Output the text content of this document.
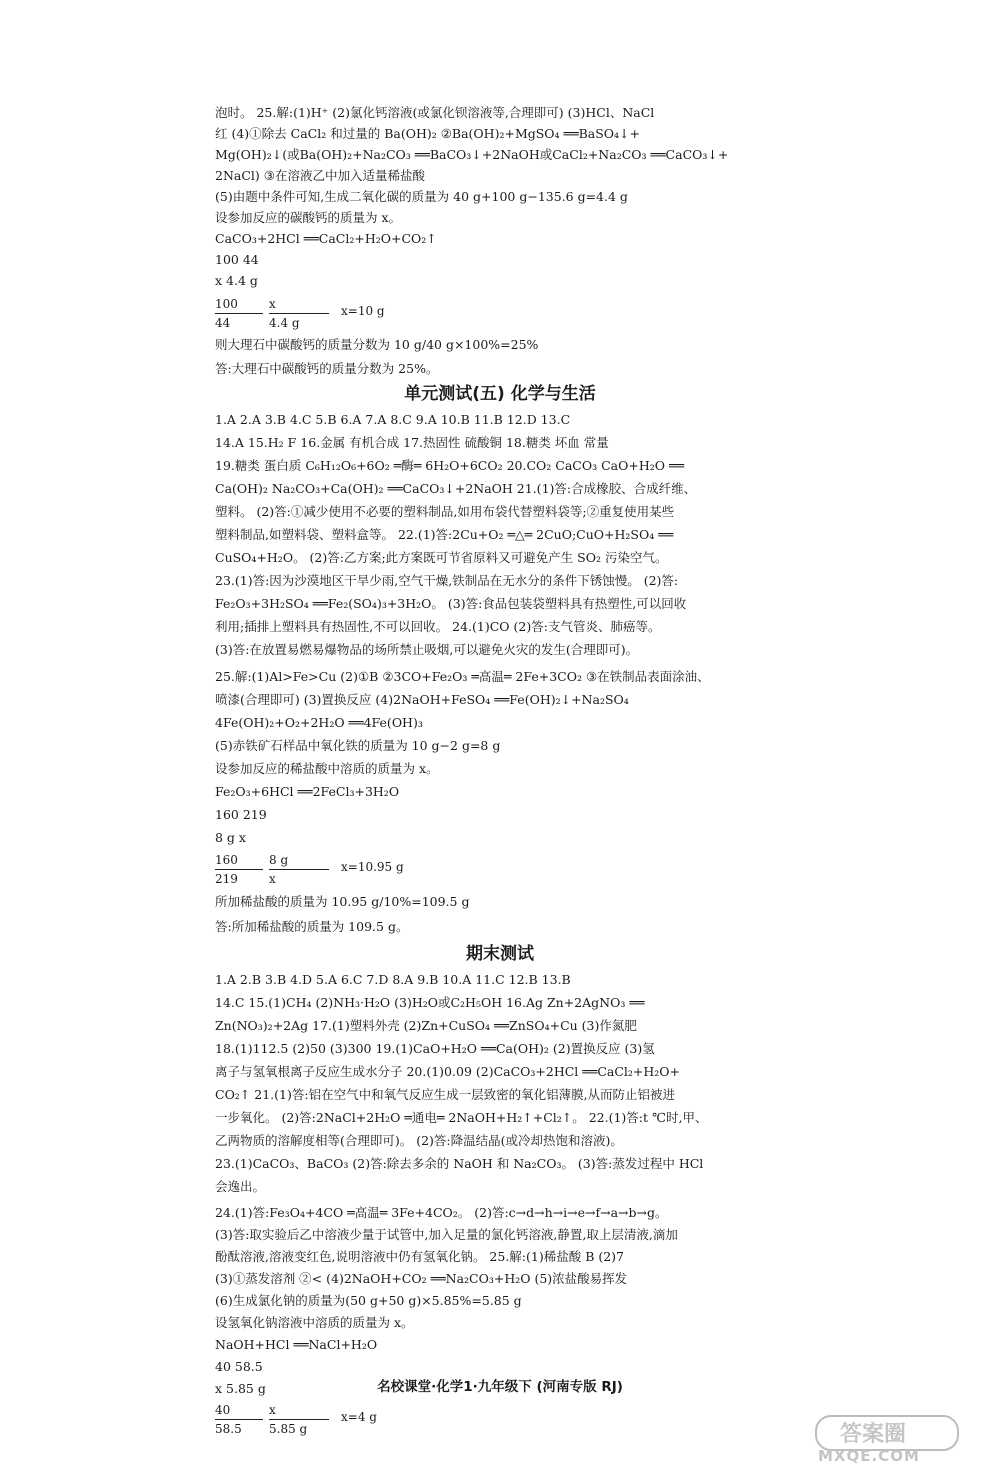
泡时。 25.解:(1)H⁺ (2)氯化钙溶液(或氯化钡溶液等,合理即可) (3)HCl、NaCl
红 (4)①除去 CaCl₂ 和过量的 Ba(OH)₂ ②Ba(OH)₂+MgSO₄ ══BaSO₄↓+
Mg(OH)₂↓(或Ba(OH)₂+Na₂CO₃ ══BaCO₃↓+2NaOH或CaCl₂+Na₂CO₃ ══CaCO₃↓+
2NaCl) ③在溶液乙中加入适量稀盐酸
(5)由题中条件可知,生成二氧化碳的质量为 40 g+100 g−135.6 g=4.4 g
设参加反应的碳酸钙的质量为 x。
CaCO₃+2HCl ══CaCl₂+H₂O+CO₂↑
100 44
x 4.4 g
$\frac{100}{44} \frac{x}{4.4 g} x=10$ g
则大理石中碳酸钙的质量分数为 10 g/40 g×100%=25%
答:大理石中碳酸钙的质量分数为 25%。
单元测试(五) 化学与生活
1.A 2.A 3.B 4.C 5.B 6.A 7.A 8.C 9.A 10.B 11.B 12.D 13.C
14.A 15.H₂ F 16.金属 有机合成 17.热固性 硫酸铜 18.糖类 坏血 常量
19.糖类 蛋白质 C₆H₁₂O₆+6O₂ ═酶═ 6H₂O+6CO₂ 20.CO₂ CaCO₃ CaO+H₂O ══
Ca(OH)₂ Na₂CO₃+Ca(OH)₂ ══CaCO₃↓+2NaOH 21.(1)答:合成橡胶、合成纤维、
塑料。 (2)答:①减少使用不必要的塑料制品,如用布袋代替塑料袋等;②重复使用某些
塑料制品,如塑料袋、塑料盒等。 22.(1)答:2Cu+O₂ ═△═ 2CuO;CuO+H₂SO₄ ══
CuSO₄+H₂O。 (2)答:乙方案;此方案既可节省原料又可避免产生 SO₂ 污染空气。
23.(1)答:因为沙漠地区干旱少雨,空气干燥,铁制品在无水分的条件下锈蚀慢。 (2)答:
Fe₂O₃+3H₂SO₄ ══Fe₂(SO₄)₃+3H₂O。 (3)答:食品包装袋塑料具有热塑性,可以回收
利用;插排上塑料具有热固性,不可以回收。 24.(1)CO (2)答:支气管炎、肺癌等。
(3)答:在放置易燃易爆物品的场所禁止吸烟,可以避免火灾的发生(合理即可)。
25.解:(1)Al>Fe>Cu (2)①B ②3CO+Fe₂O₃ ═高温═ 2Fe+3CO₂ ③在铁制品表面涂油、
喷漆(合理即可) (3)置换反应 (4)2NaOH+FeSO₄ ══Fe(OH)₂↓+Na₂SO₄
4Fe(OH)₂+O₂+2H₂O ══4Fe(OH)₃
(5)赤铁矿石样品中氧化铁的质量为 10 g−2 g=8 g
设参加反应的稀盐酸中溶质的质量为 x。
Fe₂O₃+6HCl ══2FeCl₃+3H₂O
160 219
8 g x
$\frac{160}{219} \frac{8 g}{x} x=10.95$ g
所加稀盐酸的质量为 10.95 g/10%=109.5 g
答:所加稀盐酸的质量为 109.5 g。
期末测试
1.A 2.B 3.B 4.D 5.A 6.C 7.D 8.A 9.B 10.A 11.C 12.B 13.B
14.C 15.(1)CH₄ (2)NH₃·H₂O (3)H₂O或C₂H₅OH 16.Ag Zn+2AgNO₃ ══
Zn(NO₃)₂+2Ag 17.(1)塑料外壳 (2)Zn+CuSO₄ ══ZnSO₄+Cu (3)作氮肥
18.(1)112.5 (2)50 (3)300 19.(1)CaO+H₂O ══Ca(OH)₂ (2)置换反应 (3)氢
离子与氢氧根离子反应生成水分子 20.(1)0.09 (2)CaCO₃+2HCl ══CaCl₂+H₂O+
CO₂↑ 21.(1)答:铝在空气中和氧气反应生成一层致密的氧化铝薄膜,从而防止铝被进
一步氧化。 (2)答:2NaCl+2H₂O ═通电═ 2NaOH+H₂↑+Cl₂↑。 22.(1)答:t ℃时,甲、
乙两物质的溶解度相等(合理即可)。 (2)答:降温结晶(或冷却热饱和溶液)。
23.(1)CaCO₃、BaCO₃ (2)答:除去多余的 NaOH 和 Na₂CO₃。 (3)答:蒸发过程中 HCl
会逸出。
24.(1)答:Fe₃O₄+4CO ═高温═ 3Fe+4CO₂。 (2)答:c→d→h→i→e→f→a→b→g。
(3)答:取实验后乙中溶液少量于试管中,加入足量的氯化钙溶液,静置,取上层清液,滴加
酚酞溶液,溶液变红色,说明溶液中仍有氢氧化钠。 25.解:(1)稀盐酸 B (2)7
(3)①蒸发溶剂 ②< (4)2NaOH+CO₂ ══Na₂CO₃+H₂O (5)浓盐酸易挥发
(6)生成氯化钠的质量为(50 g+50 g)×5.85%=5.85 g
设氢氧化钠溶液中溶质的质量为 x。
NaOH+HCl ══NaCl+H₂O
40 58.5
x 5.85 g
$\frac{40}{58.5} \frac{x}{5.85 g} x=4$ g
名校课堂·化学1·九年级下 (河南专版 RJ)
答案圈
MXQE.COM
